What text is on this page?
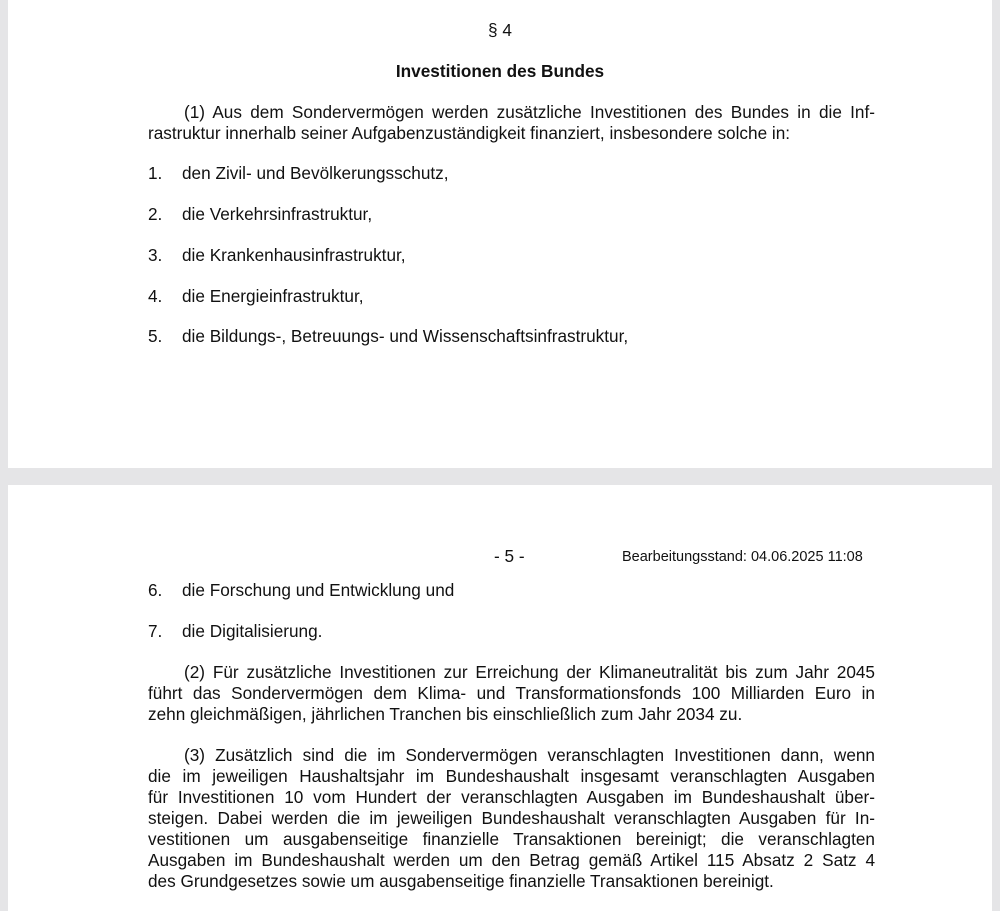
§ 4
Investitionen des Bundes
(1) Aus dem Sondervermögen werden zusätzliche Investitionen des Bundes in die Inf-
rastruktur innerhalb seiner Aufgabenzuständigkeit finanziert, insbesondere solche in:
1. den Zivil- und Bevölkerungsschutz,
2. die Verkehrsinfrastruktur,
3. die Krankenhausinfrastruktur,
4. die Energieinfrastruktur,
5. die Bildungs-, Betreuungs- und Wissenschaftsinfrastruktur,
- 5 -	Bearbeitungsstand: 04.06.2025 11:08
6. die Forschung und Entwicklung und
7. die Digitalisierung.
(2) Für zusätzliche Investitionen zur Erreichung der Klimaneutralität bis zum Jahr 2045
führt das Sondervermögen dem Klima- und Transformationsfonds 100 Milliarden Euro in
zehn gleichmäßigen, jährlichen Tranchen bis einschließlich zum Jahr 2034 zu.
(3) Zusätzlich sind die im Sondervermögen veranschlagten Investitionen dann, wenn
die im jeweiligen Haushaltsjahr im Bundeshaushalt insgesamt veranschlagten Ausgaben
für Investitionen 10 vom Hundert der veranschlagten Ausgaben im Bundeshaushalt über-
steigen. Dabei werden die im jeweiligen Bundeshaushalt veranschlagten Ausgaben für In-
vestitionen um ausgabenseitige finanzielle Transaktionen bereinigt; die veranschlagten
Ausgaben im Bundeshaushalt werden um den Betrag gemäß Artikel 115 Absatz 2 Satz 4
des Grundgesetzes sowie um ausgabenseitige finanzielle Transaktionen bereinigt.
